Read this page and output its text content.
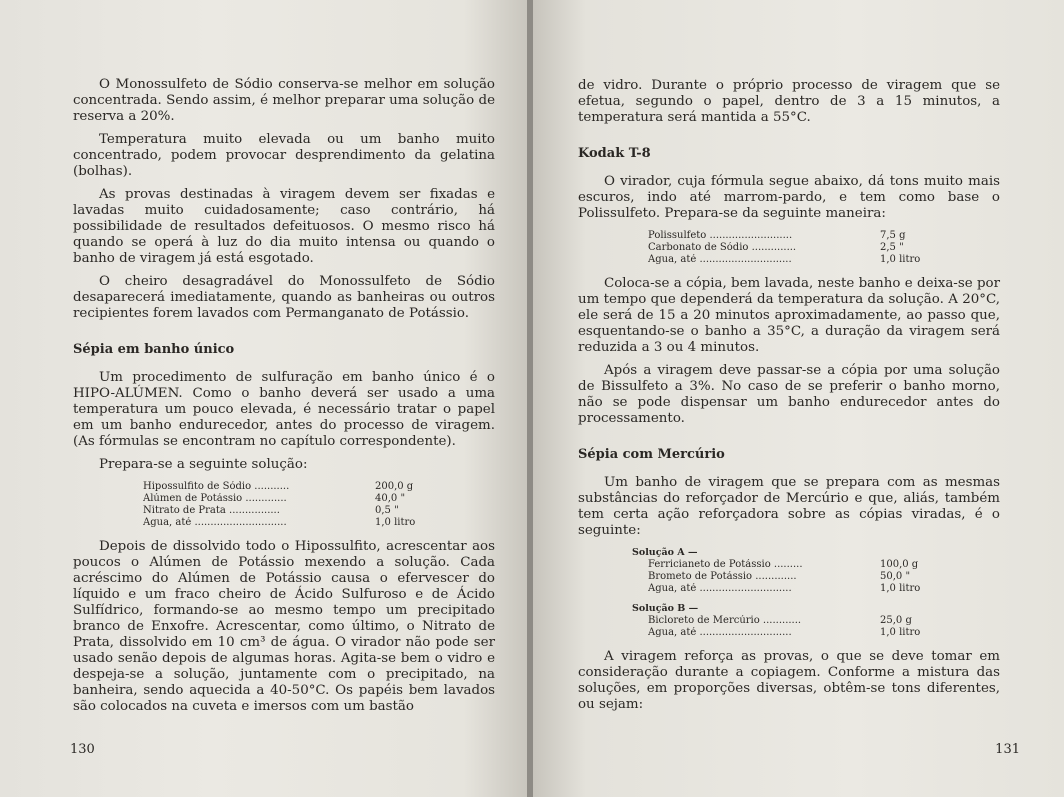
O Monossulfeto de Sódio conserva-se melhor em solução concentrada. Sendo assim, é melhor preparar uma solução de reserva a 20%.

Temperatura muito elevada ou um banho muito concentrado, podem provocar desprendimento da gelatina (bolhas).

As provas destinadas à viragem devem ser fixadas e lavadas muito cuidadosamente; caso contrário, há possibilidade de resultados defeituosos. O mesmo risco há quando se operá à luz do dia muito intensa ou quando o banho de viragem já está esgotado.

O cheiro desagradável do Monossulfeto de Sódio desaparecerá imediatamente, quando as banheiras ou outros recipientes forem lavados com Permanganato de Potássio.

Sépia em banho único

Um procedimento de sulfuração em banho único é o HIPO-ALÚMEN. Como o banho deverá ser usado a uma temperatura um pouco elevada, é necessário tratar o papel em um banho endurecedor, antes do processo de viragem. (As fórmulas se encontram no capítulo correspondente).

Prepara-se a seguinte solução:

Hipossulfito de Sódio ...........	200,0 g
Alúmen de Potássio .............	40,0 "
Nitrato de Prata ................	0,5 "
Água, até .............................	1,0 litro

Depois de dissolvido todo o Hipossulfito, acrescentar aos poucos o Alúmen de Potássio mexendo a solução. Cada acréscimo do Alúmen de Potássio causa o efervescer do líquido e um fraco cheiro de Ácido Sulfuroso e de Ácido Sulfídrico, formando-se ao mesmo tempo um precipitado branco de Enxofre. Acrescentar, como último, o Nitrato de Prata, dissolvido em 10 cm³ de água. O virador não pode ser usado senão depois de algumas horas. Agita-se bem o vidro e despeja-se a solução, juntamente com o precipitado, na banheira, sendo aquecida a 40-50°C. Os papéis bem lavados são colocados na cuveta e imersos com um bastão

130

de vidro. Durante o próprio processo de viragem que se efetua, segundo o papel, dentro de 3 a 15 minutos, a temperatura será mantida a 55°C.

Kodak T-8

O virador, cuja fórmula segue abaixo, dá tons muito mais escuros, indo até marrom-pardo, e tem como base o Polissulfeto. Prepara-se da seguinte maneira:

Polissulfeto ..........................	7,5 g
Carbonato de Sódio ..............	2,5 "
Água, até .............................	1,0 litro

Coloca-se a cópia, bem lavada, neste banho e deixa-se por um tempo que dependerá da temperatura da solução. A 20°C, ele será de 15 a 20 minutos aproximadamente, ao passo que, esquentando-se o banho a 35°C, a duração da viragem será reduzida a 3 ou 4 minutos.

Após a viragem deve passar-se a cópia por uma solução de Bissulfeto a 3%. No caso de se preferir o banho morno, não se pode dispensar um banho endurecedor antes do processamento.

Sépia com Mercúrio

Um banho de viragem que se prepara com as mesmas substâncias do reforçador de Mercúrio e que, aliás, também tem certa ação reforçadora sobre as cópias viradas, é o seguinte:

Solução A —
Ferricianeto de Potássio .........	100,0 g
Brometo de Potássio .............	50,0 "
Água, até .............................	1,0 litro
Solução B —
Bicloreto de Mercúrio ............	25,0 g
Água, até .............................	1,0 litro

A viragem reforça as provas, o que se deve tomar em consideração durante a copiagem. Conforme a mistura das soluções, em proporções diversas, obtêm-se tons diferentes, ou sejam:

131
